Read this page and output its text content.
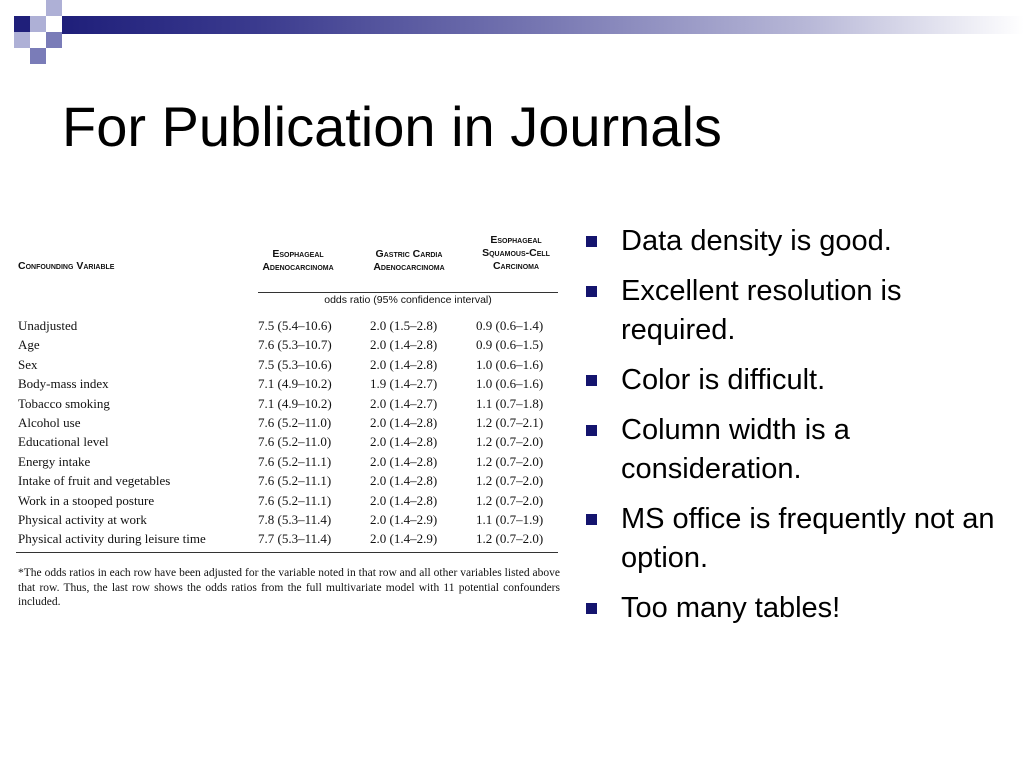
For Publication in Journals
Confounding Variable
Esophageal Adenocarcinoma
Gastric Cardia Adenocarcinoma
Esophageal Squamous-Cell Carcinoma
odds ratio (95% confidence interval)
Unadjusted	7.5 (5.4–10.6)	2.0 (1.5–2.8)	0.9 (0.6–1.4)
Age	7.6 (5.3–10.7)	2.0 (1.4–2.8)	0.9 (0.6–1.5)
Sex	7.5 (5.3–10.6)	2.0 (1.4–2.8)	1.0 (0.6–1.6)
Body-mass index	7.1 (4.9–10.2)	1.9 (1.4–2.7)	1.0 (0.6–1.6)
Tobacco smoking	7.1 (4.9–10.2)	2.0 (1.4–2.7)	1.1 (0.7–1.8)
Alcohol use	7.6 (5.2–11.0)	2.0 (1.4–2.8)	1.2 (0.7–2.1)
Educational level	7.6 (5.2–11.0)	2.0 (1.4–2.8)	1.2 (0.7–2.0)
Energy intake	7.6 (5.2–11.1)	2.0 (1.4–2.8)	1.2 (0.7–2.0)
Intake of fruit and vegetables	7.6 (5.2–11.1)	2.0 (1.4–2.8)	1.2 (0.7–2.0)
Work in a stooped posture	7.6 (5.2–11.1)	2.0 (1.4–2.8)	1.2 (0.7–2.0)
Physical activity at work	7.8 (5.3–11.4)	2.0 (1.4–2.9)	1.1 (0.7–1.9)
Physical activity during leisure time	7.7 (5.3–11.4)	2.0 (1.4–2.9)	1.2 (0.7–2.0)
*The odds ratios in each row have been adjusted for the variable noted in that row and all other variables listed above that row. Thus, the last row shows the odds ratios from the full multivariate model with 11 potential confounders included.
Data density is good.
Excellent resolution is required.
Color is difficult.
Column width is a consideration.
MS office is frequently not an option.
Too many tables!
